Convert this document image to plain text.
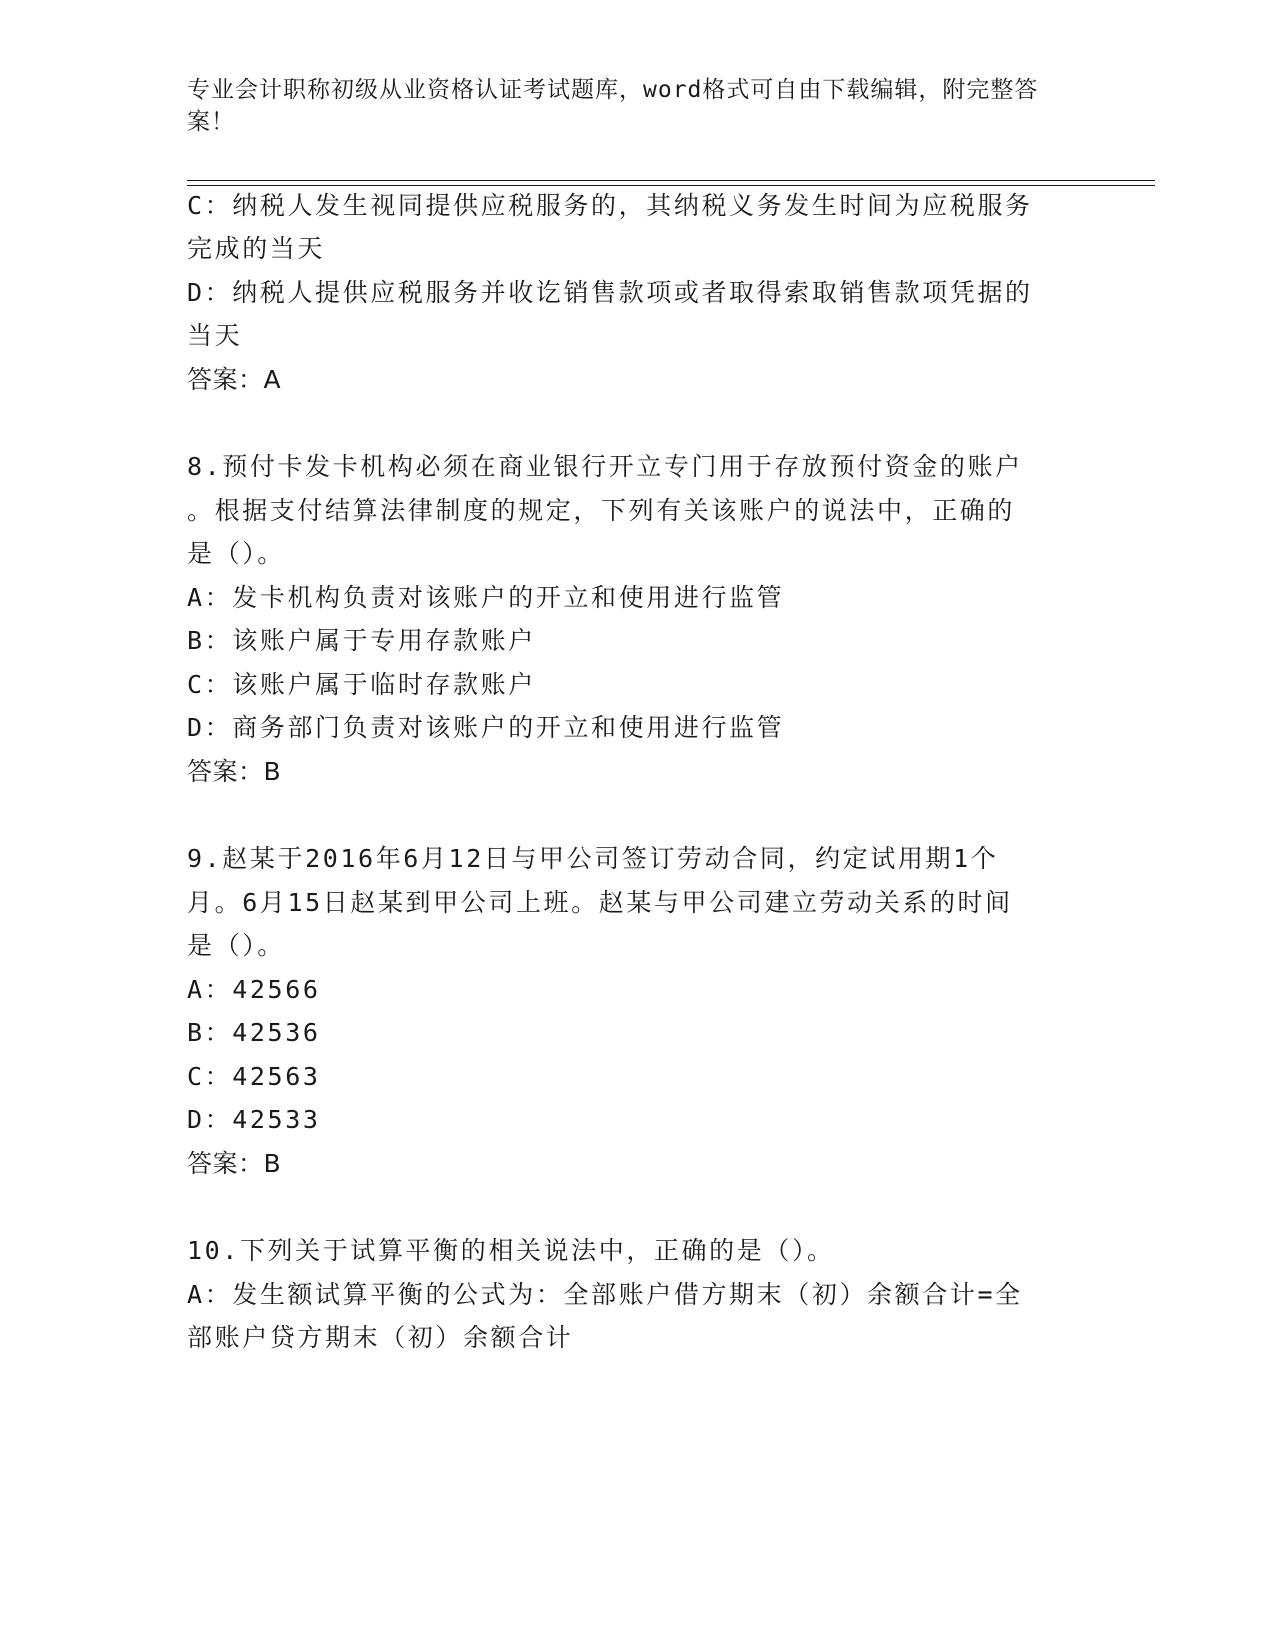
专业会计职称初级从业资格认证考试题库，word格式可自由下载编辑，附完整答案！
C：纳税人发生视同提供应税服务的，其纳税义务发生时间为应税服务
完成的当天
D：纳税人提供应税服务并收讫销售款项或者取得索取销售款项凭据的
当天
答案：A
8.预付卡发卡机构必须在商业银行开立专门用于存放预付资金的账户
。根据支付结算法律制度的规定，下列有关该账户的说法中，正确的
是（）。
A：发卡机构负责对该账户的开立和使用进行监管
B：该账户属于专用存款账户
C：该账户属于临时存款账户
D：商务部门负责对该账户的开立和使用进行监管
答案：B
9.赵某于2016年6月12日与甲公司签订劳动合同，约定试用期1个
月。6月15日赵某到甲公司上班。赵某与甲公司建立劳动关系的时间
是（）。
A：42566
B：42536
C：42563
D：42533
答案：B
10.下列关于试算平衡的相关说法中，正确的是（）。
A：发生额试算平衡的公式为：全部账户借方期末（初）余额合计=全
部账户贷方期末（初）余额合计
